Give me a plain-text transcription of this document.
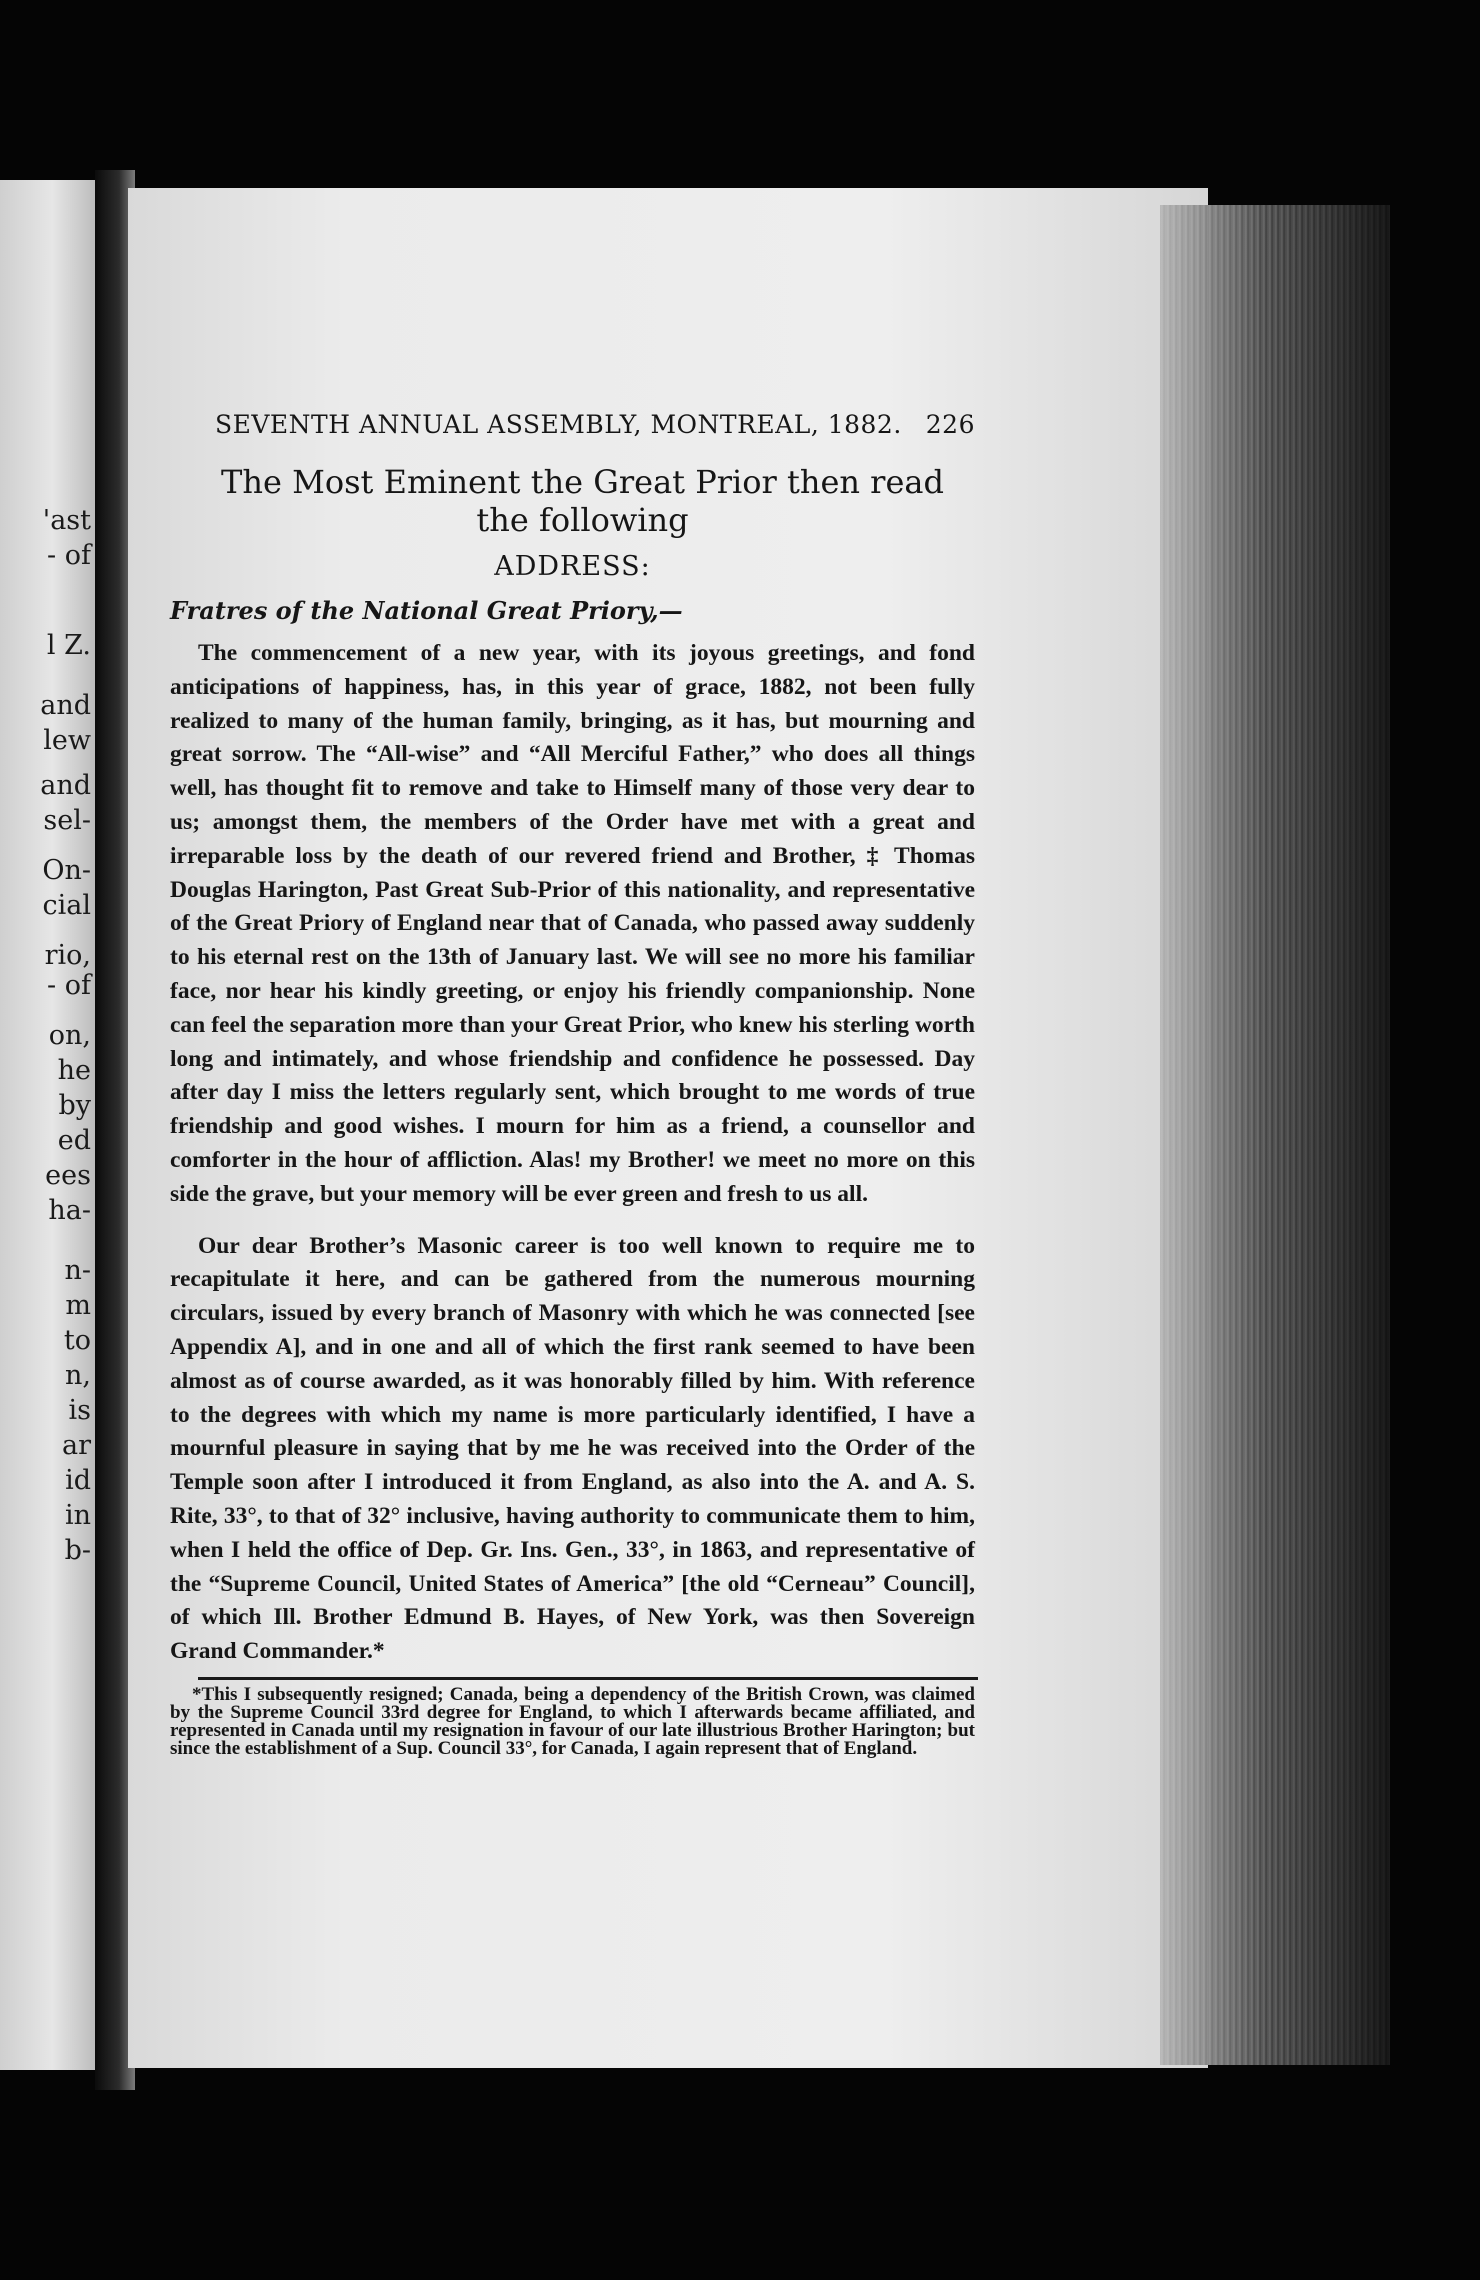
'ast
- of
l Z.
and
lew
and
sel-
On-
cial
rio,
- of
on,
he
by
ed
ees
ha-
n-
m
to
n,
is
ar
id
in
b-
SEVENTH ANNUAL ASSEMBLY, MONTREAL, 1882. 226
The Most Eminent the Great Prior then read the following
ADDRESS:
Fratres of the National Great Priory,—

The commencement of a new year, with its joyous greetings, and fond anticipations of happiness, has, in this year of grace, 1882, not been fully realized to many of the human family, bringing, as it has, but mourning and great sorrow. The “All-wise” and “All Merciful Father,” who does all things well, has thought fit to remove and take to Himself many of those very dear to us; amongst them, the members of the Order have met with a great and irreparable loss by the death of our revered friend and Brother, ‡ Thomas Douglas Harington, Past Great Sub-Prior of this nationality, and representative of the Great Priory of England near that of Canada, who passed away suddenly to his eternal rest on the 13th of January last. We will see no more his familiar face, nor hear his kindly greeting, or enjoy his friendly companionship. None can feel the separation more than your Great Prior, who knew his sterling worth long and intimately, and whose friendship and confidence he possessed. Day after day I miss the letters regularly sent, which brought to me words of true friendship and good wishes. I mourn for him as a friend, a counsellor and comforter in the hour of affliction. Alas! my Brother! we meet no more on this side the grave, but your memory will be ever green and fresh to us all.

Our dear Brother’s Masonic career is too well known to require me to recapitulate it here, and can be gathered from the numerous mourning circulars, issued by every branch of Masonry with which he was connected [see Appendix A], and in one and all of which the first rank seemed to have been almost as of course awarded, as it was honorably filled by him. With reference to the degrees with which my name is more particularly identified, I have a mournful pleasure in saying that by me he was received into the Order of the Temple soon after I introduced it from England, as also into the A. and A. S. Rite, 33°, to that of 32° inclusive, having authority to communicate them to him, when I held the office of Dep. Gr. Ins. Gen., 33°, in 1863, and representative of the “Supreme Council, United States of America” [the old “Cerneau” Council], of which Ill. Brother Edmund B. Hayes, of New York, was then Sovereign Grand Commander.*

*This I subsequently resigned; Canada, being a dependency of the British Crown, was claimed by the Supreme Council 33rd degree for England, to which I afterwards became affiliated, and represented in Canada until my resignation in favour of our late illustrious Brother Harington; but since the establishment of a Sup. Council 33°, for Canada, I again represent that of England.
